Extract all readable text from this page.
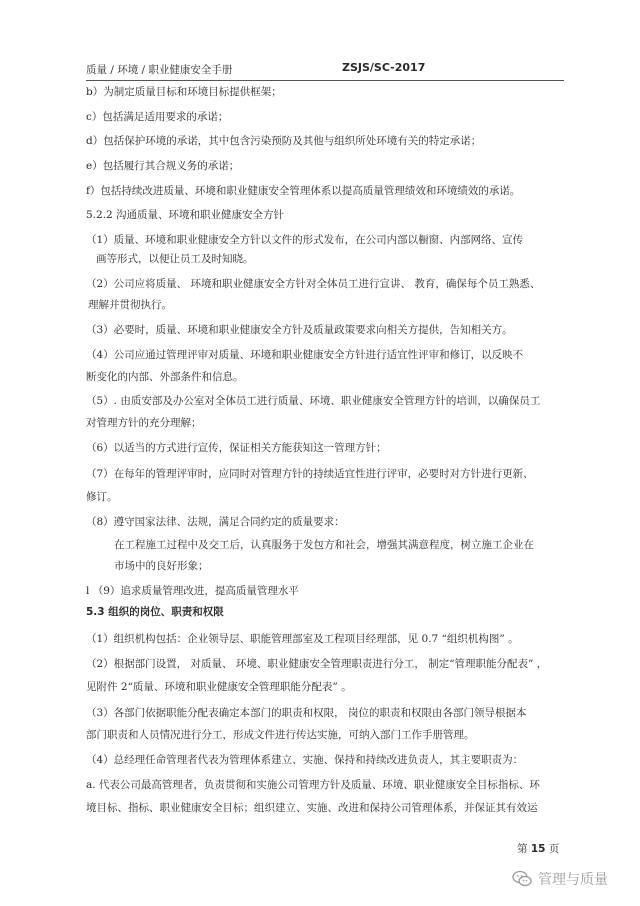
质量 / 环境 / 职业健康安全手册	ZSJS/SC-2017
b）为制定质量目标和环境目标提供框架；
c）包括满足适用要求的承诺；
d）包括保护环境的承诺，其中包含污染预防及其他与组织所处环境有关的特定承诺；
e）包括履行其合规义务的承诺；
f）包括持续改进质量、环境和职业健康安全管理体系以提高质量管理绩效和环境绩效的承诺。
5.2.2 沟通质量、环境和职业健康安全方针
（1）质量、环境和职业健康安全方针以文件的形式发布，在公司内部以橱窗、内部网络、宣传
画等形式，以便让员工及时知晓。
（2）公司应将质量、 环境和职业健康安全方针对全体员工进行宣讲、 教育，确保每个员工熟悉、
理解并贯彻执行。
（3）必要时，质量、环境和职业健康安全方针及质量政策要求向相关方提供，告知相关方。
（4）公司应通过管理评审对质量、环境和职业健康安全方针进行适宜性评审和修订，以反映不
断变化的内部、外部条件和信息。
（5）. 由质安部及办公室对全体员工进行质量、环境、职业健康安全管理方针的培训，以确保员工
对管理方针的充分理解；
（6）以适当的方式进行宣传，保证相关方能获知这一管理方针；
（7）在每年的管理评审时，应同时对管理方针的持续适宜性进行评审，必要时对方针进行更新、
修订。
（8）遵守国家法律、法规，满足合同约定的质量要求：
在工程施工过程中及交工后，认真服务于发包方和社会，增强其满意程度，树立施工企业在
市场中的良好形象；
l （9）追求质量管理改进，提高质量管理水平
5.3 组织的岗位、职责和权限
（1）组织机构包括：企业领导层、职能管理部室及工程项目经理部，见 0.7 “组织机构图” 。
（2）根据部门设置， 对质量、 环境、职业健康安全管理职责进行分工， 制定“管理职能分配表” ，
见附件 2“质量、环境和职业健康安全管理职能分配表” 。
（3）各部门依据职能分配表确定本部门的职责和权限， 岗位的职责和权限由各部门领导根据本
部门职责和人员情况进行分工，形成文件进行传达实施，可纳入部门工作手册管理。
（4）总经理任命管理者代表为管理体系建立、实施、保持和持续改进负责人，其主要职责为：
a. 代表公司最高管理者，负责贯彻和实施公司管理方针及质量、环境、职业健康安全目标指标、环
境目标、指标、职业健康安全目标；组织建立、实施、改进和保持公司管理体系，并保证其有效运
第 15 页
管理与质量
